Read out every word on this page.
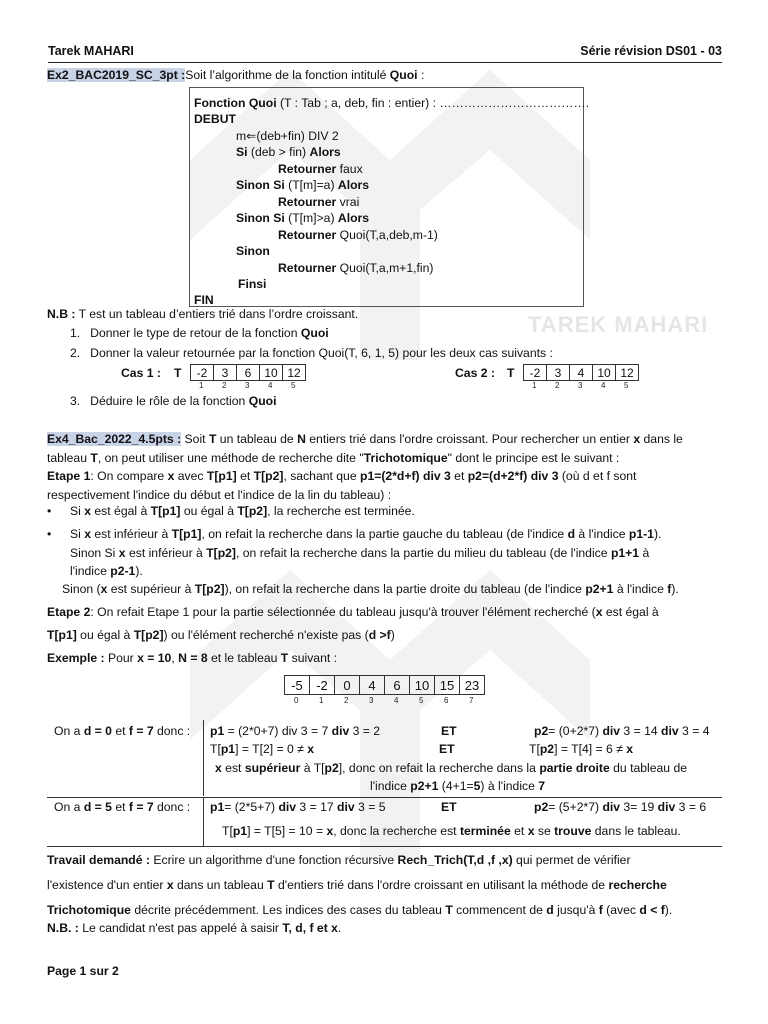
TAREK MAHARI
Tarek MAHARI	Série révision DS01 - 03
Ex2_BAC2019_SC_3pt :Soit l’algorithme de la fonction intitulé Quoi :
Fonction Quoi (T : Tab ; a, deb, fin : entier) : ……………………………….
DEBUT
m⇐(deb+fin) DIV 2
Si (deb > fin) Alors
Retourner faux
Sinon Si (T[m]=a) Alors
Retourner vrai
Sinon Si (T[m]>a) Alors
Retourner Quoi(T,a,deb,m-1)
Sinon
Retourner Quoi(T,a,m+1,fin)
Finsi
FIN
N.B : T est un tableau d’entiers trié dans l’ordre croissant.
1. Donner le type de retour de la fonction Quoi
2. Donner la valeur retournée par la fonction Quoi(T, 6, 1, 5) pour les deux cas suivants :
Cas 1 : T -2	3	6	10	12
1 2 3 4 5
Cas 2 : T -2	3	4	10	12
1 2 3 4 5
3. Déduire le rôle de la fonction Quoi
Ex4_Bac_2022_4.5pts : Soit T un tableau de N entiers trié dans l'ordre croissant. Pour rechercher un entier x dans le
tableau T, on peut utiliser une méthode de recherche dite "Trichotomique" dont le principe est le suivant :
Etape 1: On compare x avec T[p1] et T[p2], sachant que p1=(2*d+f) div 3 et p2=(d+2*f) div 3 (où d et f sont
respectivement l'indice du début et l'indice de la lin du tableau) :
• Si x est égal à T[p1] ou égal à T[p2], la recherche est terminée.
• Si x est inférieur à T[p1], on refait la recherche dans la partie gauche du tableau (de l'indice d à l'indice p1-1).
Sinon Si x est inférieur à T[p2], on refait la recherche dans la partie du milieu du tableau (de l'indice p1+1 à
l'indice p2-1).
Sinon (x est supérieur à T[p2]), on refait la recherche dans la partie droite du tableau (de l'indice p2+1 à l'indice f).
Etape 2: On refait Etape 1 pour la partie sélectionnée du tableau jusqu'à trouver l'élément recherché (x est égal à
T[p1] ou égal à T[p2]) ou l'élément recherché n'existe pas (d >f)
Exemple : Pour x = 10, N = 8 et le tableau T suivant :
-5	-2	0	4	6	10	15	23
0	1	2	3	4	5	6	7
On a d = 0 et f = 7 donc : p1 = (2*0+7) div 3 = 7 div 3 = 2	ET	p2= (0+2*7) div 3 = 14 div 3 = 4
T[p1] = T[2] = 0 ≠ x	ET	T[p2] = T[4] = 6 ≠ x
x est supérieur à T[p2], donc on refait la recherche dans la partie droite du tableau de
l'indice p2+1 (4+1=5) à l'indice 7
On a d = 5 et f = 7 donc : p1= (2*5+7) div 3 = 17 div 3 = 5	ET	p2= (5+2*7) div 3= 19 div 3 = 6
T[p1] = T[5] = 10 = x, donc la recherche est terminée et x se trouve dans le tableau.
Travail demandé : Ecrire un algorithme d'une fonction récursive Rech_Trich(T,d ,f ,x) qui permet de vérifier
l'existence d'un entier x dans un tableau T d'entiers trié dans l'ordre croissant en utilisant la méthode de recherche
Trichotomique décrite précédemment. Les indices des cases du tableau T commencent de d jusqu'à f (avec d < f).
N.B. : Le candidat n'est pas appelé à saisir T, d, f et x.
Page 1 sur 2
